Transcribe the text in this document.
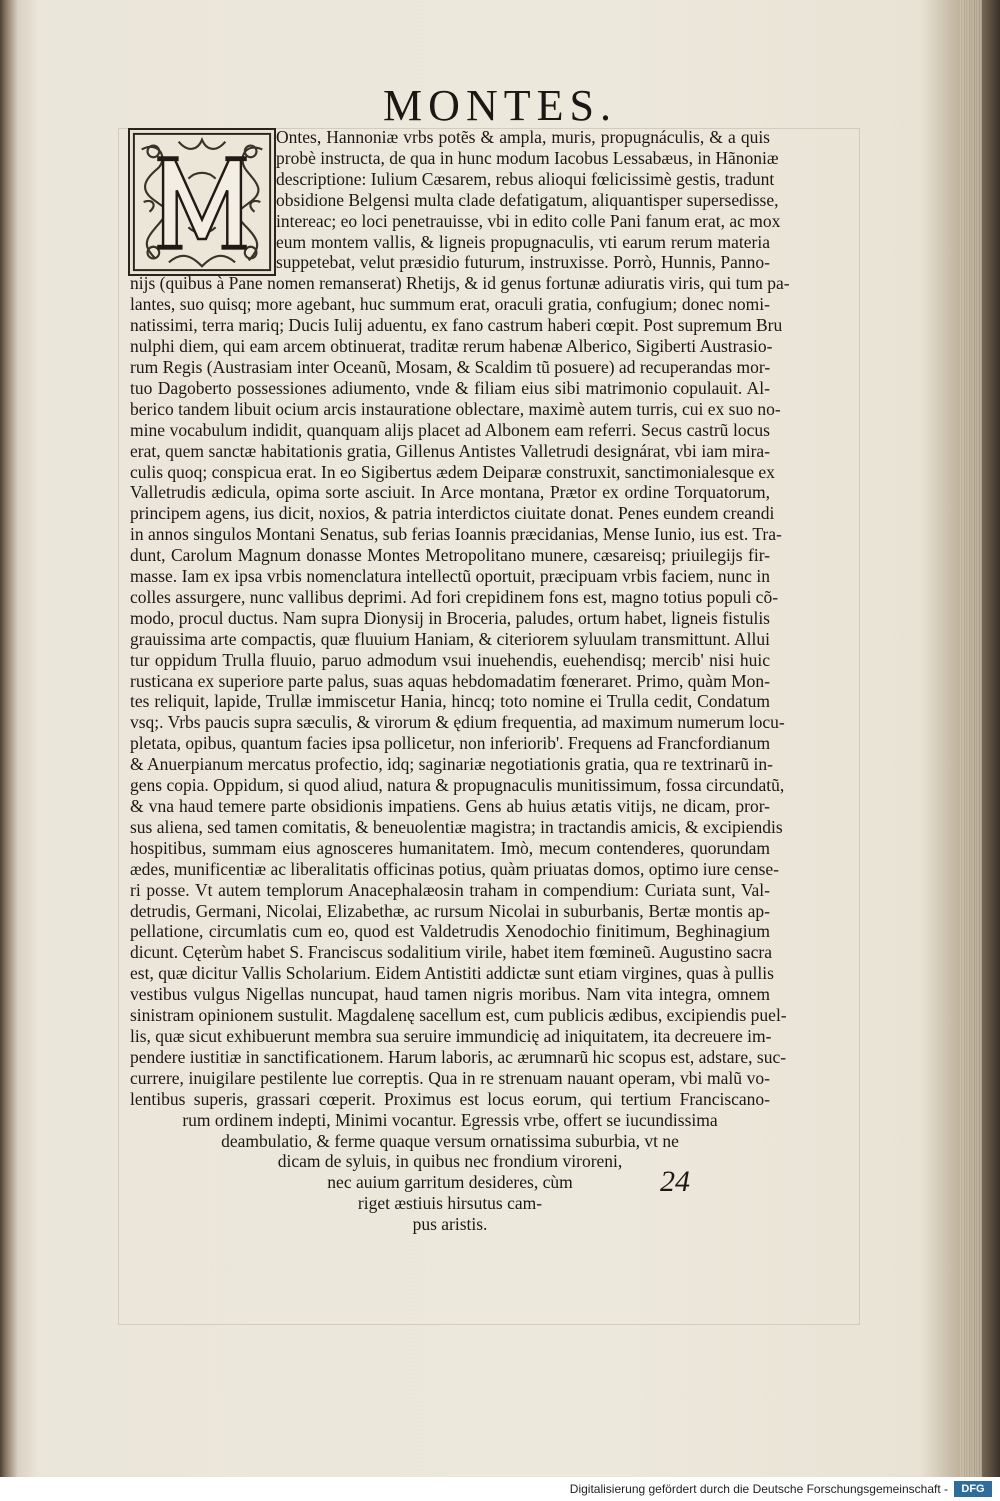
MONTES.
Ontes, Hannoniæ vrbs potẽs & ampla, muris, propugnáculis, & a quis
probè instructa, de qua in hunc modum Iacobus Lessabæus, in Hãnoniæ
descriptione: Iulium Cæsarem, rebus alioqui fœlicissimè gestis, tradunt
obsidione Belgensi multa clade defatigatum, aliquantisper supersedisse,
intereac; eo loci penetrauisse, vbi in edito colle Pani fanum erat, ac mox
eum montem vallis, & ligneis propugnaculis, vti earum rerum materia
suppetebat, velut præsidio futurum, instruxisse. Porrò, Hunnis, Panno-
nijs (quibus à Pane nomen remanserat) Rhetijs, & id genus fortunæ adiuratis viris, qui tum pa-
lantes, suo quisq; more agebant, huc summum erat, oraculi gratia, confugium; donec nomi-
natissimi, terra mariq; Ducis Iulij aduentu, ex fano castrum haberi cœpit. Post supremum Bru
nulphi diem, qui eam arcem obtinuerat, traditæ rerum habenæ Alberico, Sigiberti Austrasio-
rum Regis (Austrasiam inter Oceanũ, Mosam, & Scaldim tũ posuere) ad recuperandas mor-
tuo Dagoberto possessiones adiumento, vnde & filiam eius sibi matrimonio copulauit. Al-
berico tandem libuit ocium arcis instauratione oblectare, maximè autem turris, cui ex suo no-
mine vocabulum indidit, quanquam alijs placet ad Albonem eam referri. Secus castrũ locus
erat, quem sanctæ habitationis gratia, Gillenus Antistes Valletrudi designárat, vbi iam mira-
culis quoq; conspicua erat. In eo Sigibertus ædem Deiparæ construxit, sanctimonialesque ex
Valletrudis ædicula, opima sorte asciuit. In Arce montana, Prætor ex ordine Torquatorum,
principem agens, ius dicit, noxios, & patria interdictos ciuitate donat. Penes eundem creandi
in annos singulos Montani Senatus, sub ferias Ioannis præcidanias, Mense Iunio, ius est. Tra-
dunt, Carolum Magnum donasse Montes Metropolitano munere, cæsareisq; priuilegijs fir-
masse. Iam ex ipsa vrbis nomenclatura intellectũ oportuit, præcipuam vrbis faciem, nunc in
colles assurgere, nunc vallibus deprimi. Ad fori crepidinem fons est, magno totius populi cõ-
modo, procul ductus. Nam supra Dionysij in Broceria, paludes, ortum habet, ligneis fistulis
grauissima arte compactis, quæ fluuium Haniam, & citeriorem syluulam transmittunt. Allui
tur oppidum Trulla fluuio, paruo admodum vsui inuehendis, euehendisq; mercib' nisi huic
rusticana ex superiore parte palus, suas aquas hebdomadatim fœneraret. Primo, quàm Mon-
tes reliquit, lapide, Trullæ immiscetur Hania, hincq; toto nomine ei Trulla cedit, Condatum
vsq;. Vrbs paucis supra sæculis, & virorum & ędium frequentia, ad maximum numerum locu-
pletata, opibus, quantum facies ipsa pollicetur, non inferiorib'. Frequens ad Francfordianum
& Anuerpianum mercatus profectio, idq; saginariæ negotiationis gratia, qua re textrinarũ in-
gens copia. Oppidum, si quod aliud, natura & propugnaculis munitissimum, fossa circundatũ,
& vna haud temere parte obsidionis impatiens. Gens ab huius ætatis vitijs, ne dicam, pror-
sus aliena, sed tamen comitatis, & beneuolentiæ magistra; in tractandis amicis, & excipiendis
hospitibus, summam eius agnosceres humanitatem. Imò, mecum contenderes, quorundam
ædes, munificentiæ ac liberalitatis officinas potius, quàm priuatas domos, optimo iure cense-
ri posse. Vt autem templorum Anacephalæosin traham in compendium: Curiata sunt, Val-
detrudis, Germani, Nicolai, Elizabethæ, ac rursum Nicolai in suburbanis, Bertæ montis ap-
pellatione, circumlatis cum eo, quod est Valdetrudis Xenodochio finitimum, Beghinagium
dicunt. Cęterùm habet S. Franciscus sodalitium virile, habet item fœmineũ. Augustino sacra
est, quæ dicitur Vallis Scholarium. Eidem Antistiti addictæ sunt etiam virgines, quas à pullis
vestibus vulgus Nigellas nuncupat, haud tamen nigris moribus. Nam vita integra, omnem
sinistram opinionem sustulit. Magdalenę sacellum est, cum publicis ædibus, excipiendis puel-
lis, quæ sicut exhibuerunt membra sua seruire immundicię ad iniquitatem, ita decreuere im-
pendere iustitiæ in sanctificationem. Harum laboris, ac ærumnarũ hic scopus est, adstare, suc-
currere, inuigilare pestilente lue correptis. Qua in re strenuam nauant operam, vbi malũ vo-
lentibus superis, grassari cœperit. Proximus est locus eorum, qui tertium Franciscano-
rum ordinem indepti, Minimi vocantur. Egressis vrbe, offert se iucundissima
deambulatio, & ferme quaque versum ornatissima suburbia, vt ne
dicam de syluis, in quibus nec frondium viroreni,
nec auium garritum desideres, cùm
riget æstiuis hirsutus cam-
pus aristis.
24
Digitalisierung gefördert durch die Deutsche Forschungsgemeinschaft -	DFG
